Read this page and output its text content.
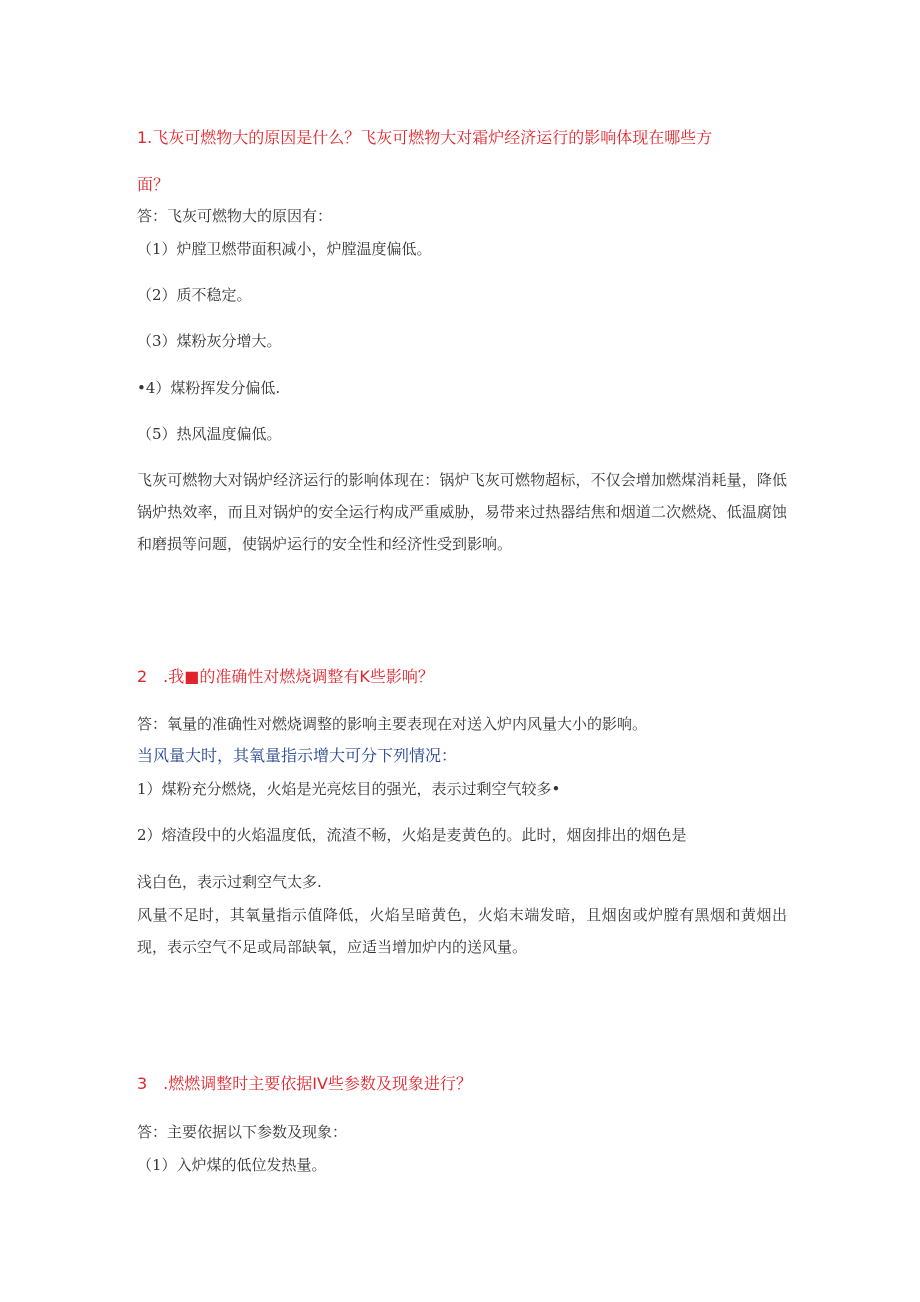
1.飞灰可燃物大的原因是什么？飞灰可燃物大对霜炉经济运行的影响体现在哪些方
面？
答：飞灰可燃物大的原因有：
（1）炉膛卫燃带面积减小，炉膛温度偏低。
（2）质不稳定。
（3）煤粉灰分增大。
•4）煤粉挥发分偏低.
（5）热风温度偏低。
飞灰可燃物大对锅炉经济运行的影响体现在：锅炉飞灰可燃物超标，不仅会增加燃煤消耗量，降低锅炉热效率，而且对锅炉的安全运行构成严重威胁，易带来过热器结焦和烟道二次燃烧、低温腐蚀和磨损等问题，使锅炉运行的安全性和经济性受到影响。
2　.我■的准确性对燃烧调整有K些影响？
答：氧量的准确性对燃烧调整的影响主要表现在对送入炉内风量大小的影响。
当风量大时，其氧量指示增大可分下列情况：
1）煤粉充分燃烧，火焰是光亮炫目的强光，表示过剩空气较多•
2）熔渣段中的火焰温度低，流渣不畅，火焰是麦黄色的。此时，烟囱排出的烟色是
浅白色，表示过剩空气太多.
风量不足时，其氧量指示值降低，火焰呈暗黄色，火焰末端发暗，且烟囱或炉膛有黑烟和黄烟出现，表示空气不足或局部缺氧，应适当增加炉内的送风量。
3　.燃燃调整时主要依据IV些参数及现象进行？
答：主要依据以下参数及现象：
（1）入炉煤的低位发热量。
